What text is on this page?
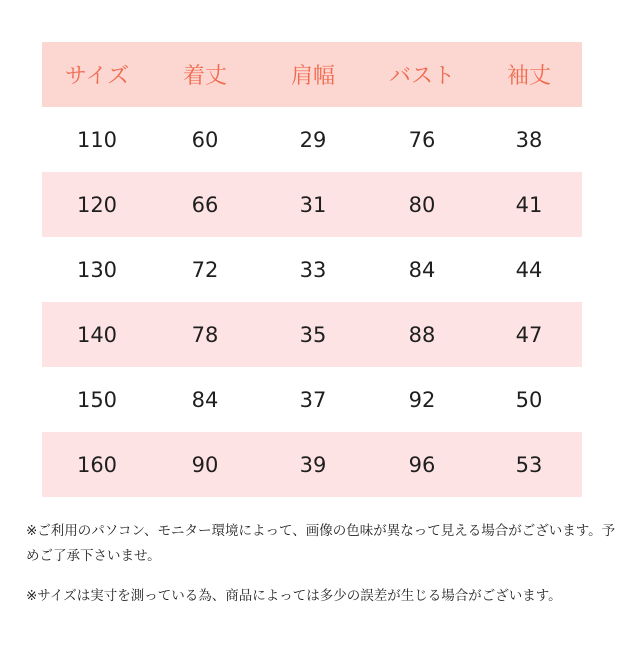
サイズ	着丈	肩幅	バスト	袖丈
110	60	29	76	38
120	66	31	80	41
130	72	33	84	44
140	78	35	88	47
150	84	37	92	50
160	90	39	96	53

※ご利用のパソコン、モニター環境によって、画像の色味が異なって見える場合がございます。予めご了承下さいませ。

※サイズは実寸を測っている為、商品によっては多少の誤差が生じる場合がございます。
